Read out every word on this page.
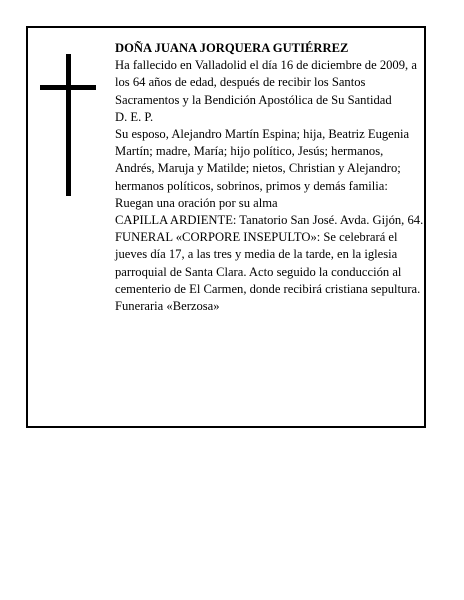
DOÑA JUANA JORQUERA GUTIÉRREZ

Ha fallecido en Valladolid el día 16 de diciembre de 2009, a los 64 años de edad, después de recibir los Santos Sacramentos y la Bendición Apostólica de Su Santidad

D. E. P.

Su esposo, Alejandro Martín Espina; hija, Beatriz Eugenia Martín; madre, María; hijo político, Jesús; hermanos, Andrés, Maruja y Matilde; nietos, Christian y Alejandro; hermanos políticos, sobrinos, primos y demás familia:

Ruegan una oración por su alma

CAPILLA ARDIENTE: Tanatorio San José. Avda. Gijón, 64.

FUNERAL «CORPORE INSEPULTO»: Se celebrará el jueves día 17, a las tres y media de la tarde, en la iglesia parroquial de Santa Clara. Acto seguido la conducción al cementerio de El Carmen, donde recibirá cristiana sepultura.

Funeraria «Berzosa»
